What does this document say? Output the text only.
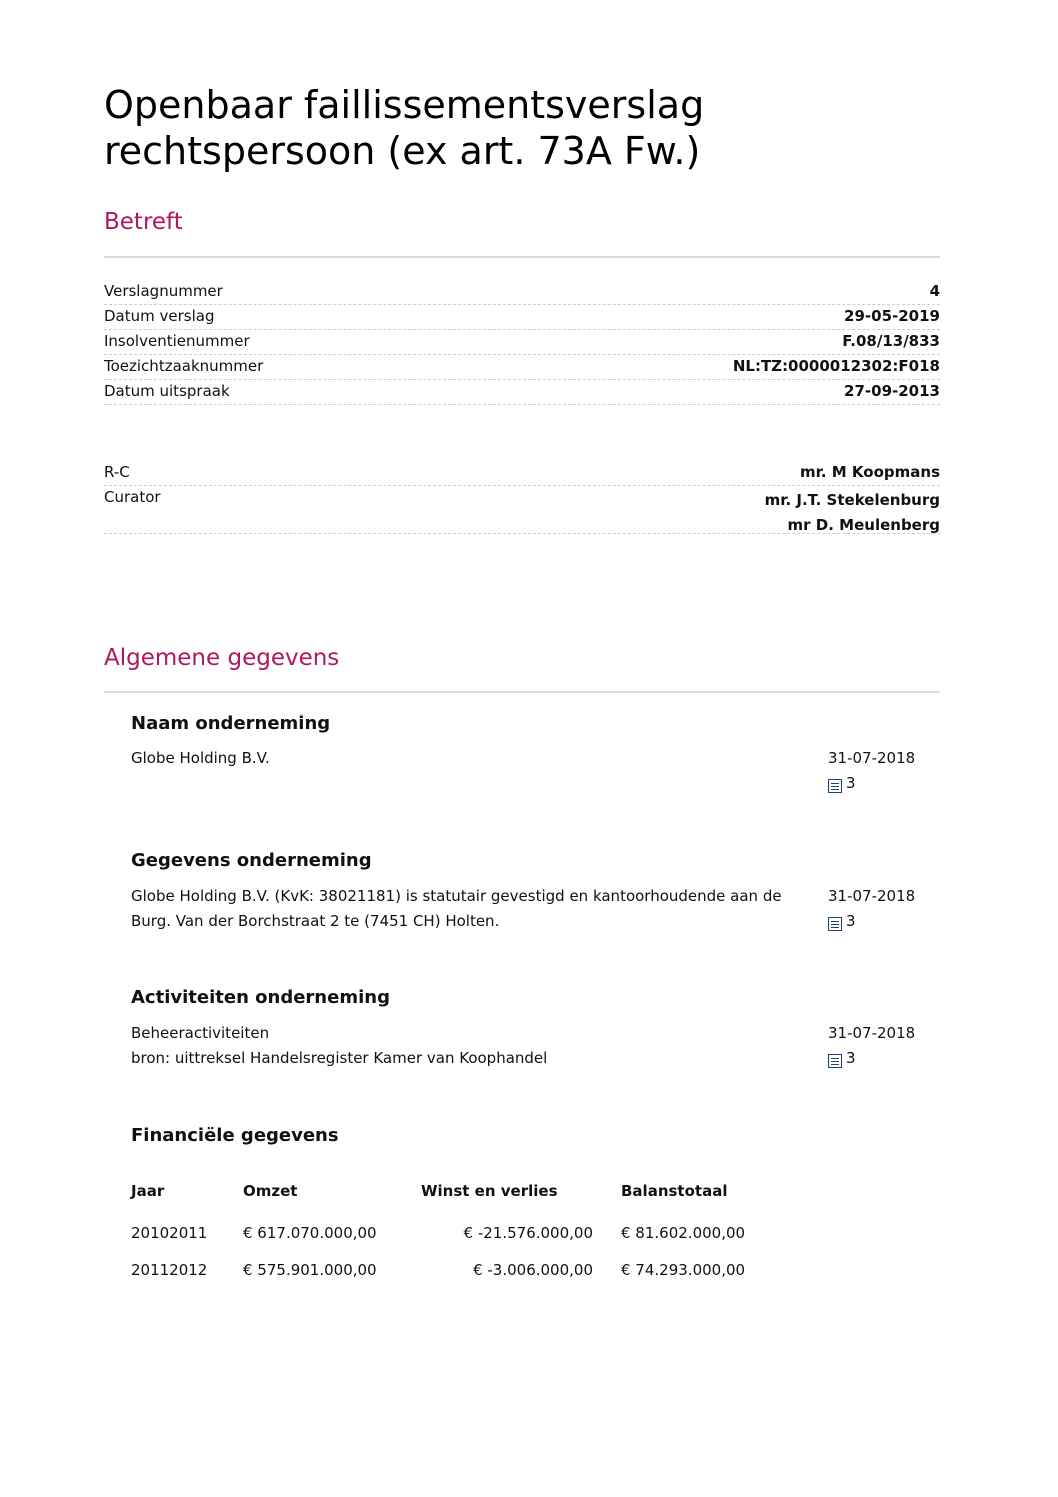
Openbaar faillissementsverslag rechtspersoon (ex art. 73A Fw.)
Betreft
Verslagnummer	4
Datum verslag	29-05-2019
Insolventienummer	F.08/13/833
Toezichtzaaknummer	NL:TZ:0000012302:F018
Datum uitspraak	27-09-2013
R-C	mr. M Koopmans
Curator	mr. J.T. Stekelenburg
mr D. Meulenberg
Algemene gegevens
Naam onderneming
Globe Holding B.V.	31-07-2018
3
Gegevens onderneming
Globe Holding B.V. (KvK: 38021181) is statutair gevestigd en kantoorhoudende aan de Burg. Van der Borchstraat 2 te (7451 CH) Holten.
31-07-2018
3
Activiteiten onderneming
Beheeractiviteiten
bron: uittreksel Handelsregister Kamer van Koophandel
31-07-2018
3
Financiële gegevens
Jaar	Omzet	Winst en verlies	Balanstotaal
20102011	€ 617.070.000,00	€ -21.576.000,00	€ 81.602.000,00
20112012	€ 575.901.000,00	€ -3.006.000,00	€ 74.293.000,00
